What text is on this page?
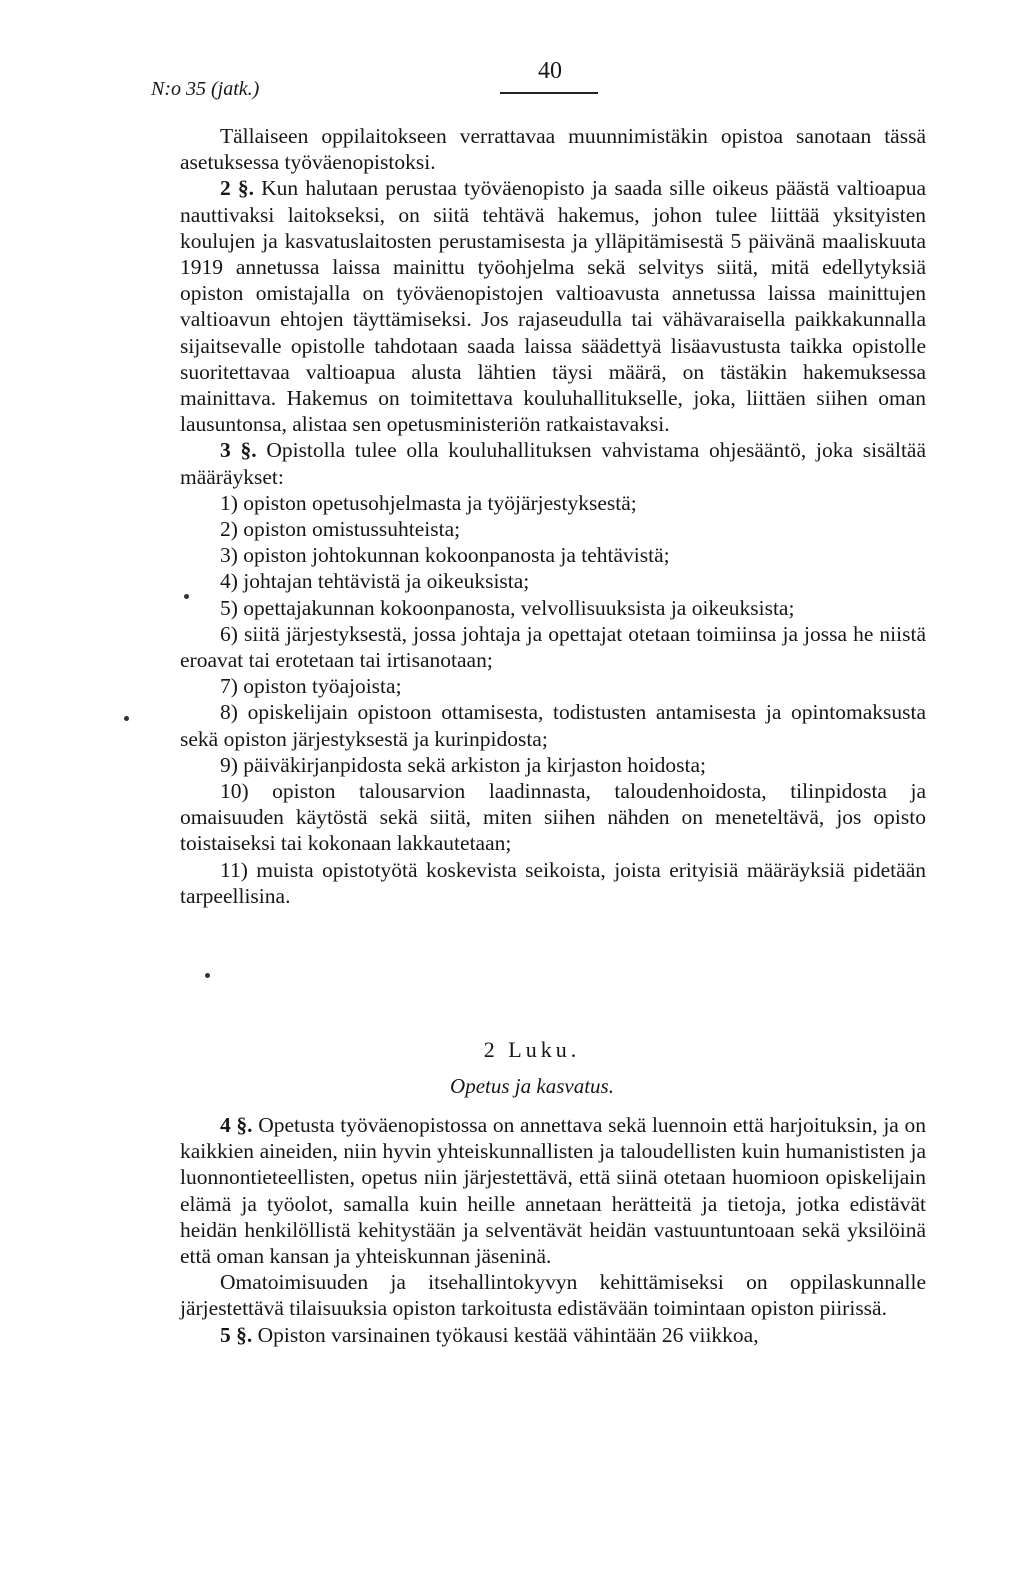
N:o 35 (jatk.)
40

Tällaiseen oppilaitokseen verrattavaa muunnimistäkin opistoa sanotaan tässä asetuksessa työväenopistoksi.

2 §. Kun halutaan perustaa työväenopisto ja saada sille oikeus päästä valtioapua nauttivaksi laitokseksi, on siitä tehtävä hakemus, johon tulee liittää yksityisten koulujen ja kasvatuslaitosten perustamisesta ja ylläpitämisestä 5 päivänä maaliskuuta 1919 annetussa laissa mainittu työohjelma sekä selvitys siitä, mitä edellytyksiä opiston omistajalla on työväenopistojen valtioavusta annetussa laissa mainittujen valtioavun ehtojen täyttämiseksi. Jos rajaseudulla tai vähävaraisella paikkakunnalla sijaitsevalle opistolle tahdotaan saada laissa säädettyä lisäavustusta taikka opistolle suoritettavaa valtioapua alusta lähtien täysi määrä, on tästäkin hakemuksessa mainittava. Hakemus on toimitettava kouluhallitukselle, joka, liittäen siihen oman lausuntonsa, alistaa sen opetusministeriön ratkaistavaksi.

3 §. Opistolla tulee olla kouluhallituksen vahvistama ohjesääntö, joka sisältää määräykset:

1) opiston opetusohjelmasta ja työjärjestyksestä;

2) opiston omistussuhteista;

3) opiston johtokunnan kokoonpanosta ja tehtävistä;

4) johtajan tehtävistä ja oikeuksista;

5) opettajakunnan kokoonpanosta, velvollisuuksista ja oikeuksista;

6) siitä järjestyksestä, jossa johtaja ja opettajat otetaan toimiinsa ja jossa he niistä eroavat tai erotetaan tai irtisanotaan;

7) opiston työajoista;

8) opiskelijain opistoon ottamisesta, todistusten antamisesta ja opintomaksusta sekä opiston järjestyksestä ja kurinpidosta;

9) päiväkirjanpidosta sekä arkiston ja kirjaston hoidosta;

10) opiston talousarvion laadinnasta, taloudenhoidosta, tilinpidosta ja omaisuuden käytöstä sekä siitä, miten siihen nähden on meneteltävä, jos opisto toistaiseksi tai kokonaan lakkautetaan;

11) muista opistotyötä koskevista seikoista, joista erityisiä määräyksiä pidetään tarpeellisina.

2 Luku.
Opetus ja kasvatus.

4 §. Opetusta työväenopistossa on annettava sekä luennoin että harjoituksin, ja on kaikkien aineiden, niin hyvin yhteiskunnallisten ja taloudellisten kuin humanististen ja luonnontieteellisten, opetus niin järjestettävä, että siinä otetaan huomioon opiskelijain elämä ja työolot, samalla kuin heille annetaan herätteitä ja tietoja, jotka edistävät heidän henkilöllistä kehitystään ja selventävät heidän vastuuntuntoaan sekä yksilöinä että oman kansan ja yhteiskunnan jäseninä.

Omatoimisuuden ja itsehallintokyvyn kehittämiseksi on oppilaskunnalle järjestettävä tilaisuuksia opiston tarkoitusta edistävään toimintaan opiston piirissä.

5 §. Opiston varsinainen työkausi kestää vähintään 26 viikkoa,
